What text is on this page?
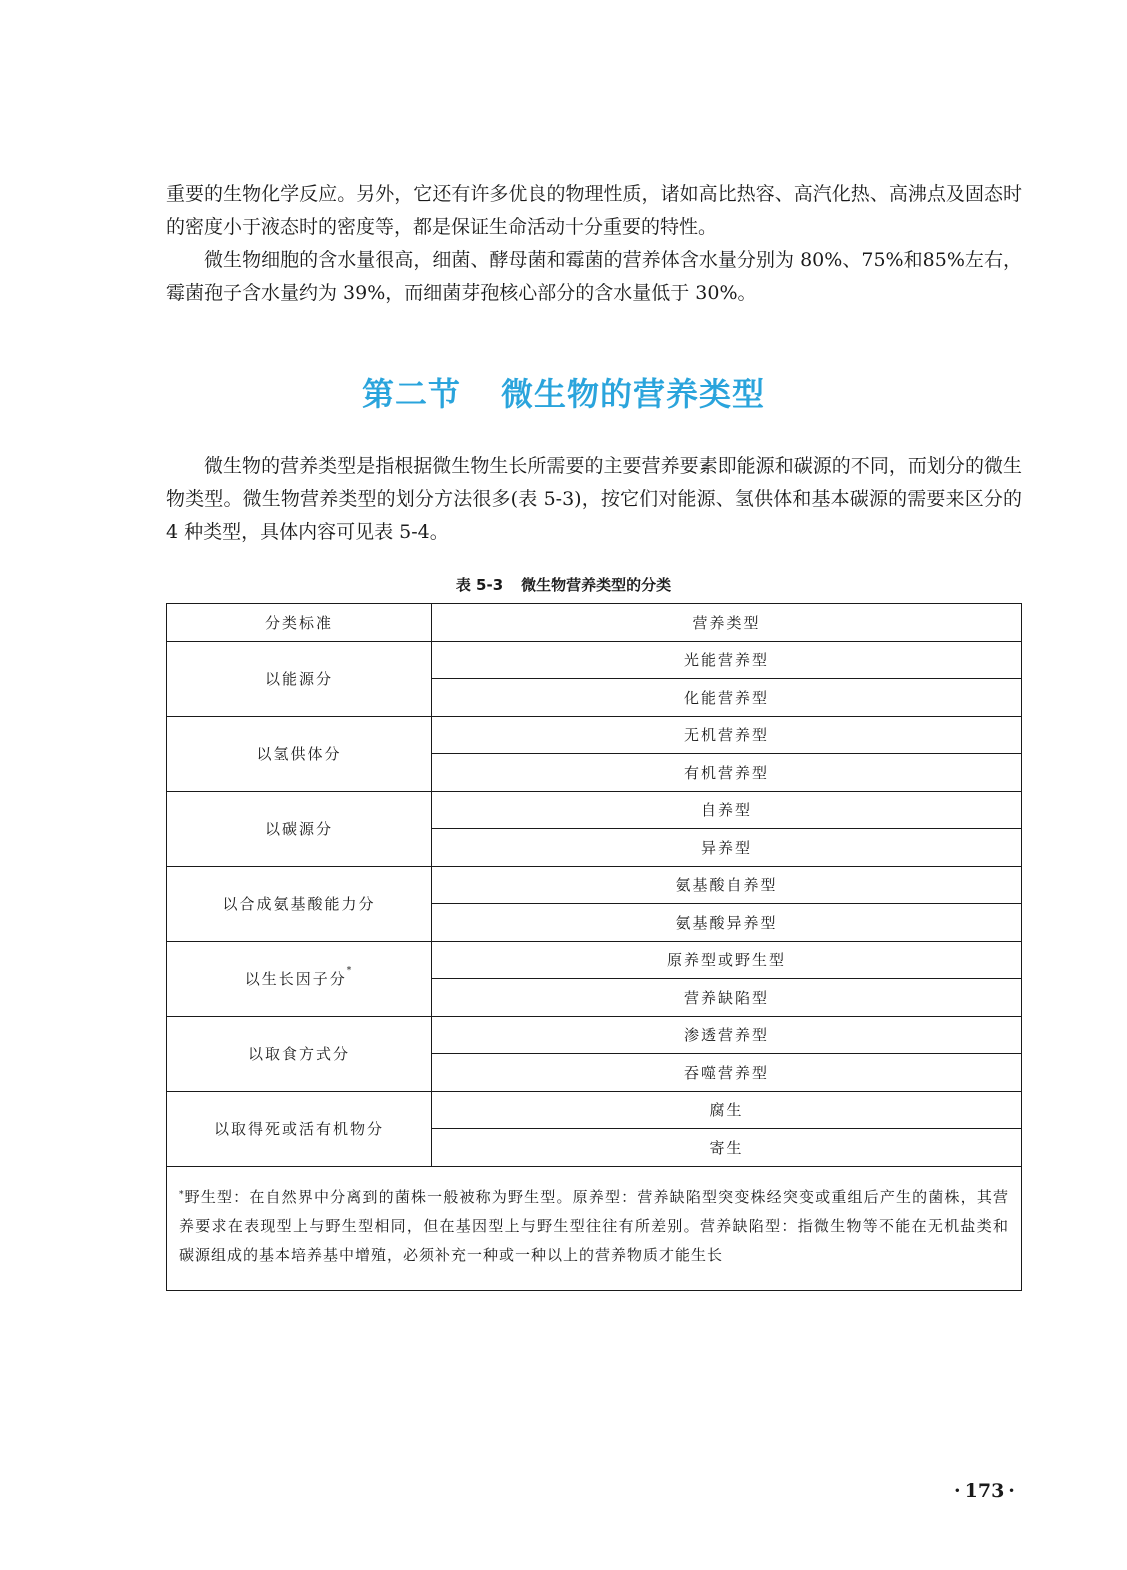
重要的生物化学反应。另外，它还有许多优良的物理性质，诸如高比热容、高汽化热、高沸点及固态时的密度小于液态时的密度等，都是保证生命活动十分重要的特性。

微生物细胞的含水量很高，细菌、酵母菌和霉菌的营养体含水量分别为 80%、75%和85%左右，霉菌孢子含水量约为 39%，而细菌芽孢核心部分的含水量低于 30%。

第二节 微生物的营养类型

微生物的营养类型是指根据微生物生长所需要的主要营养要素即能源和碳源的不同，而划分的微生物类型。微生物营养类型的划分方法很多(表 5-3)，按它们对能源、氢供体和基本碳源的需要来区分的 4 种类型，具体内容可见表 5-4。

表 5-3 微生物营养类型的分类
分类标准	营养类型
以能源分	光能营养型
	化能营养型
以氢供体分	无机营养型
	有机营养型
以碳源分	自养型
	异养型
以合成氨基酸能力分	氨基酸自养型
	氨基酸异养型
以生长因子分*	原养型或野生型
	营养缺陷型
以取食方式分	渗透营养型
	吞噬营养型
以取得死或活有机物分	腐生
	寄生
*野生型：在自然界中分离到的菌株一般被称为野生型。原养型：营养缺陷型突变株经突变或重组后产生的菌株，其营养要求在表现型上与野生型相同，但在基因型上与野生型往往有所差别。营养缺陷型：指微生物等不能在无机盐类和碳源组成的基本培养基中增殖，必须补充一种或一种以上的营养物质才能生长	
· 173 ·
